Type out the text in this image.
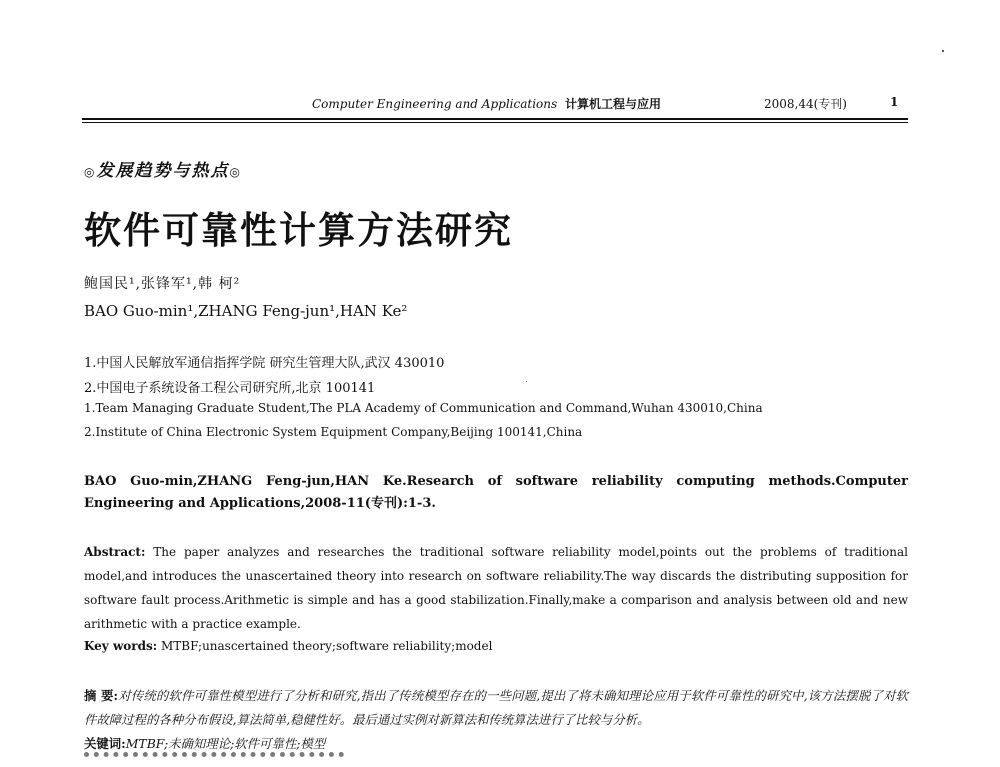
Computer Engineering and Applications 计算机工程与应用	2008,44(专刊)	1
◎发展趋势与热点◎
软件可靠性计算方法研究
鲍国民¹,张锋军¹,韩 柯²
BAO Guo-min¹,ZHANG Feng-jun¹,HAN Ke²
1.中国人民解放军通信指挥学院 研究生管理大队,武汉 430010
2.中国电子系统设备工程公司研究所,北京 100141
1.Team Managing Graduate Student,The PLA Academy of Communication and Command,Wuhan 430010,China
2.Institute of China Electronic System Equipment Company,Beijing 100141,China
BAO Guo-min,ZHANG Feng-jun,HAN Ke.Research of software reliability computing methods.Computer Engineering and Applications,2008-11(专刊):1-3.
Abstract: The paper analyzes and researches the traditional software reliability model,points out the problems of traditional model,and introduces the unascertained theory into research on software reliability.The way discards the distributing supposition for software fault process.Arithmetic is simple and has a good stabilization.Finally,make a comparison and analysis between old and new arithmetic with a practice example.
Key words: MTBF;unascertained theory;software reliability;model
摘 要:对传统的软件可靠性模型进行了分析和研究,指出了传统模型存在的一些问题,提出了将未确知理论应用于软件可靠性的研究中,该方法摆脱了对软件故障过程的各种分布假设,算法简单,稳健性好。最后通过实例对新算法和传统算法进行了比较与分析。
关键词:MTBF;未确知理论;软件可靠性;模型
